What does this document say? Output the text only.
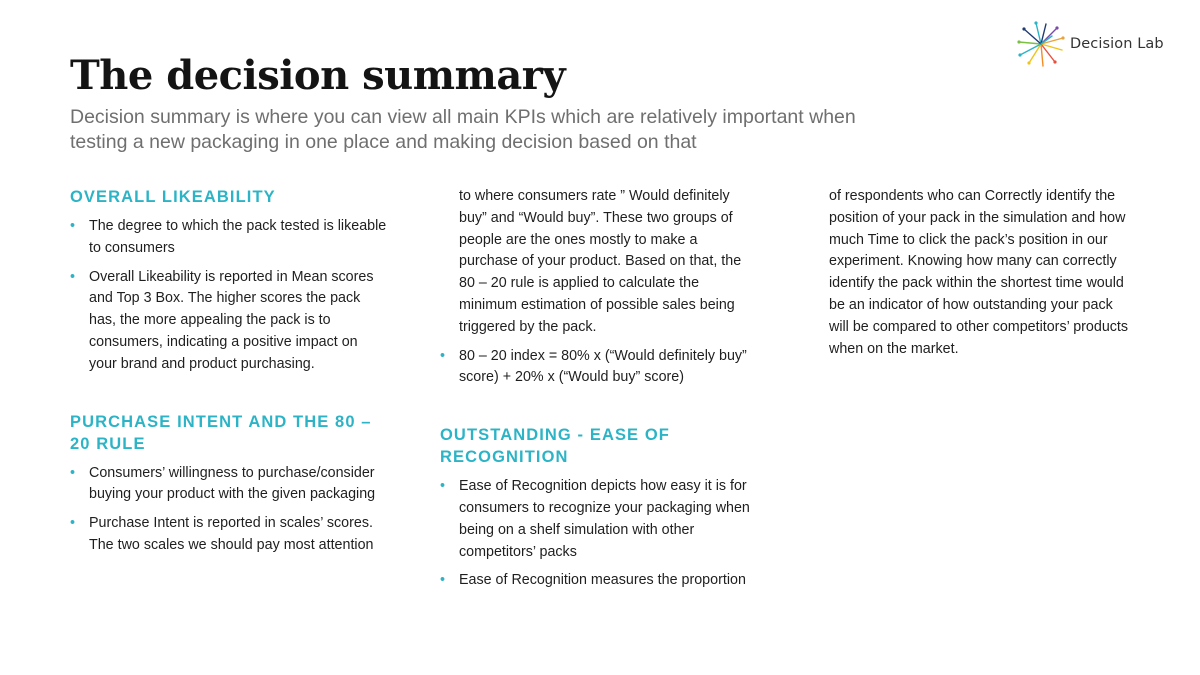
Decision Lab
The decision summary

Decision summary is where you can view all main KPIs which are relatively important when testing a new packaging in one place and making decision based on that

OVERALL LIKEABILITY
• The degree to which the pack tested is likeable to consumers
• Overall Likeability is reported in Mean scores and Top 3 Box. The higher scores the pack has, the more appealing the pack is to consumers, indicating a positive impact on your brand and product purchasing.
PURCHASE INTENT AND THE 80 – 20 RULE
• Consumers’ willingness to purchase/consider buying your product with the given packaging
• Purchase Intent is reported in scales’ scores. The two scales we should pay most attention
to where consumers rate ” Would definitely buy” and “Would buy”. These two groups of people are the ones mostly to make a purchase of your product. Based on that, the 80 – 20 rule is applied to calculate the minimum estimation of possible sales being triggered by the pack.
• 80 – 20 index = 80% x (“Would definitely buy” score) + 20% x (“Would buy” score)
OUTSTANDING - EASE OF RECOGNITION
• Ease of Recognition depicts how easy it is for consumers to recognize your packaging when being on a shelf simulation with other competitors’ packs
• Ease of Recognition measures the proportion
of respondents who can Correctly identify the position of your pack in the simulation and how much Time to click the pack’s position in our experiment. Knowing how many can correctly identify the pack within the shortest time would be an indicator of how outstanding your pack will be compared to other competitors’ products when on the market.
